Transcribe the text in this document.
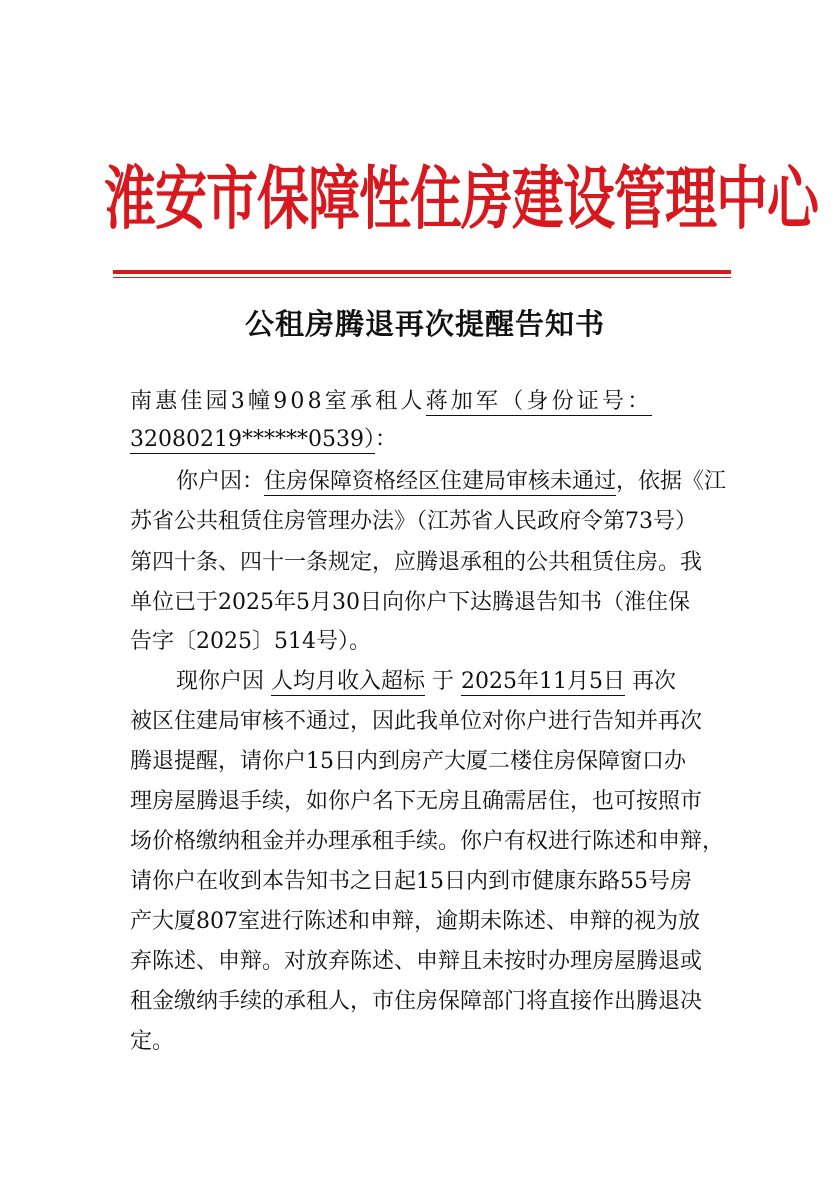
淮安市保障性住房建设管理中心
公租房腾退再次提醒告知书
南惠佳园3幢908室承租人蒋加军（身份证号：
32080219******0539）：
你户因：住房保障资格经区住建局审核未通过，依据《江
苏省公共租赁住房管理办法》（江苏省人民政府令第73号）
第四十条、四十一条规定，应腾退承租的公共租赁住房。我
单位已于2025年5月30日向你户下达腾退告知书（淮住保
告字〔2025〕514号）。
现你户因 人均月收入超标 于 2025年11月5日 再次
被区住建局审核不通过，因此我单位对你户进行告知并再次
腾退提醒，请你户15日内到房产大厦二楼住房保障窗口办
理房屋腾退手续，如你户名下无房且确需居住，也可按照市
场价格缴纳租金并办理承租手续。你户有权进行陈述和申辩，
请你户在收到本告知书之日起15日内到市健康东路55号房
产大厦807室进行陈述和申辩，逾期未陈述、申辩的视为放
弃陈述、申辩。对放弃陈述、申辩且未按时办理房屋腾退或
租金缴纳手续的承租人，市住房保障部门将直接作出腾退决
定。
